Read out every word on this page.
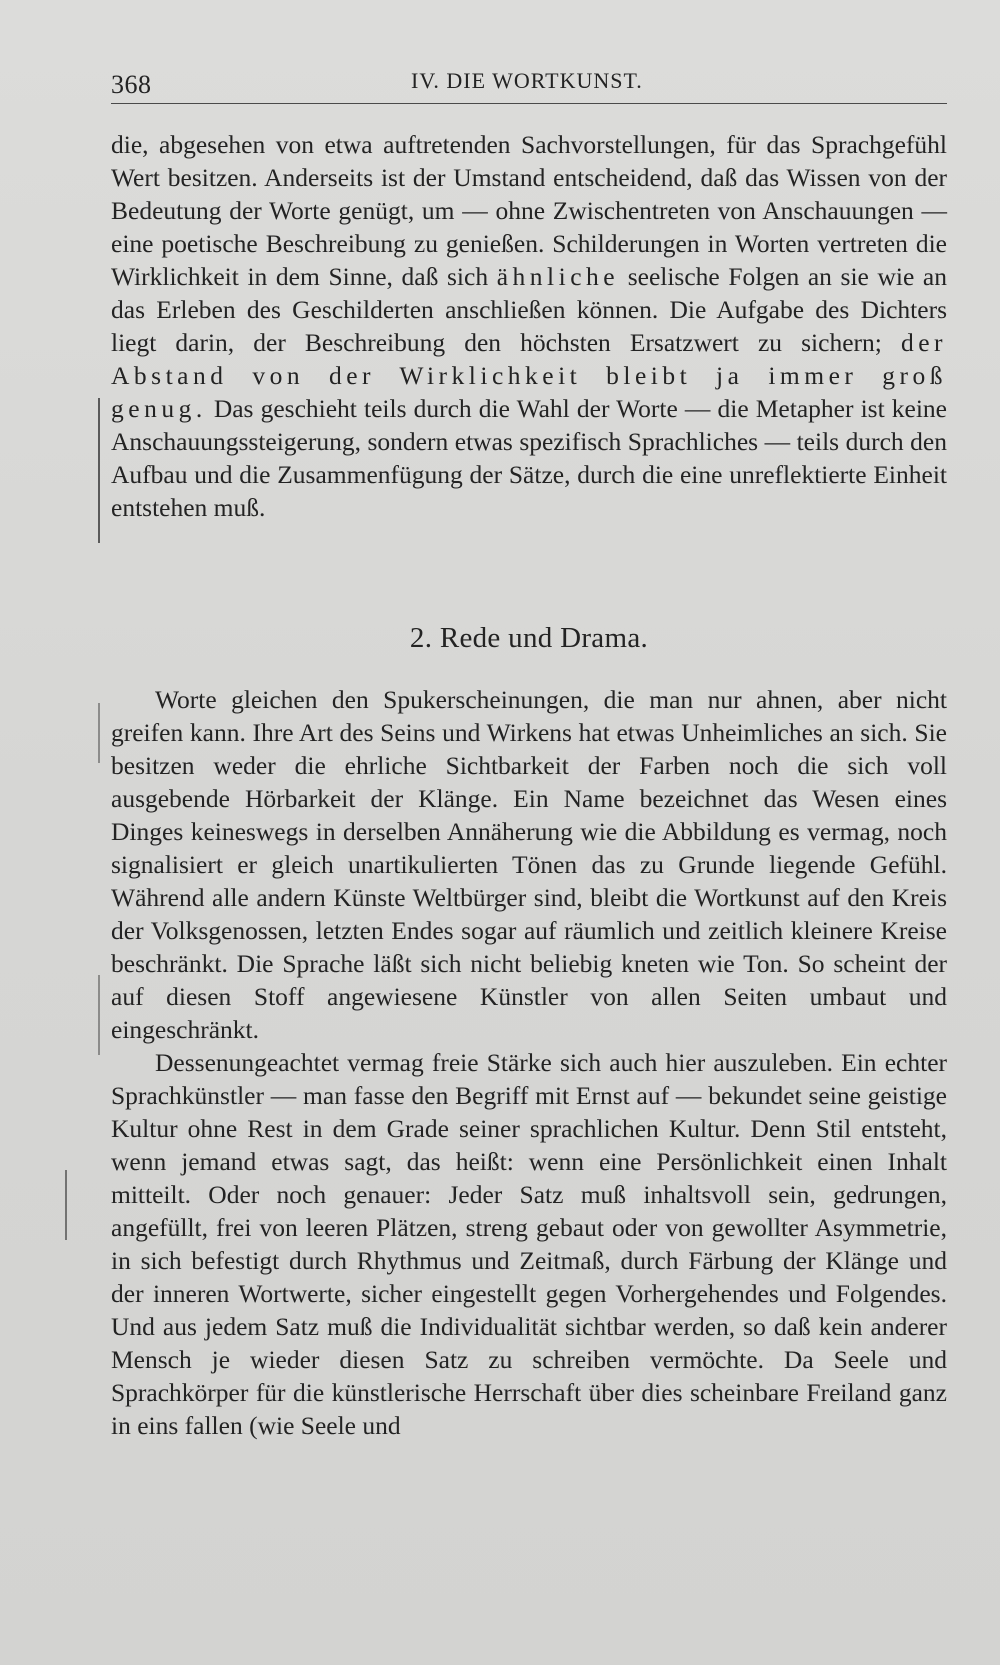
368	IV. DIE WORTKUNST.

die, abgesehen von etwa auftretenden Sachvorstellungen, für das Sprachgefühl Wert besitzen. Anderseits ist der Umstand entscheidend, daß das Wissen von der Bedeutung der Worte genügt, um — ohne Zwischentreten von Anschauungen — eine poetische Beschreibung zu genießen. Schilderungen in Worten vertreten die Wirklichkeit in dem Sinne, daß sich ähnliche seelische Folgen an sie wie an das Erleben des Geschilderten anschließen können. Die Aufgabe des Dichters liegt darin, der Beschreibung den höchsten Ersatzwert zu sichern; der Abstand von der Wirklichkeit bleibt ja immer groß genug. Das geschieht teils durch die Wahl der Worte — die Metapher ist keine Anschauungssteigerung, sondern etwas spezifisch Sprachliches — teils durch den Aufbau und die Zusammenfügung der Sätze, durch die eine unreflektierte Einheit entstehen muß.

2. Rede und Drama.

Worte gleichen den Spukerscheinungen, die man nur ahnen, aber nicht greifen kann. Ihre Art des Seins und Wirkens hat etwas Unheimliches an sich. Sie besitzen weder die ehrliche Sichtbarkeit der Farben noch die sich voll ausgebende Hörbarkeit der Klänge. Ein Name bezeichnet das Wesen eines Dinges keineswegs in derselben Annäherung wie die Abbildung es vermag, noch signalisiert er gleich unartikulierten Tönen das zu Grunde liegende Gefühl. Während alle andern Künste Weltbürger sind, bleibt die Wortkunst auf den Kreis der Volksgenossen, letzten Endes sogar auf räumlich und zeitlich kleinere Kreise beschränkt. Die Sprache läßt sich nicht beliebig kneten wie Ton. So scheint der auf diesen Stoff angewiesene Künstler von allen Seiten umbaut und eingeschränkt.

Dessenungeachtet vermag freie Stärke sich auch hier auszuleben. Ein echter Sprachkünstler — man fasse den Begriff mit Ernst auf — bekundet seine geistige Kultur ohne Rest in dem Grade seiner sprachlichen Kultur. Denn Stil entsteht, wenn jemand etwas sagt, das heißt: wenn eine Persönlichkeit einen Inhalt mitteilt. Oder noch genauer: Jeder Satz muß inhaltsvoll sein, gedrungen, angefüllt, frei von leeren Plätzen, streng gebaut oder von gewollter Asymmetrie, in sich befestigt durch Rhythmus und Zeitmaß, durch Färbung der Klänge und der inneren Wortwerte, sicher eingestellt gegen Vorhergehendes und Folgendes. Und aus jedem Satz muß die Individualität sichtbar werden, so daß kein anderer Mensch je wieder diesen Satz zu schreiben vermöchte. Da Seele und Sprachkörper für die künstlerische Herrschaft über dies scheinbare Freiland ganz in eins fallen (wie Seele und
